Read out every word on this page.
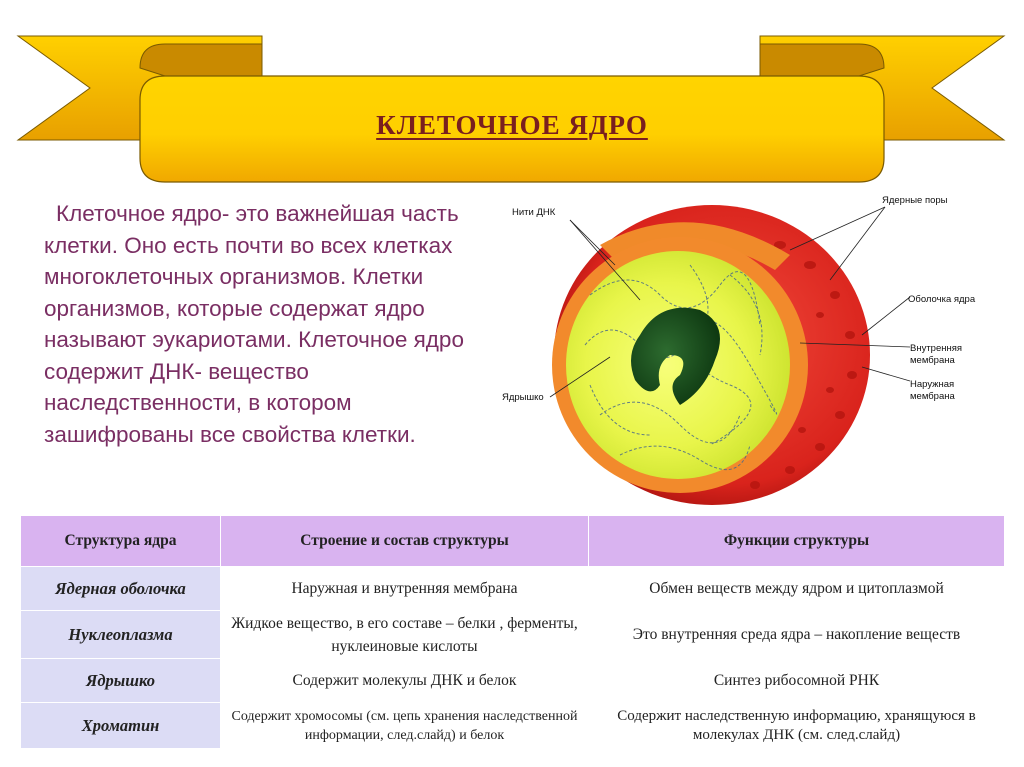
КЛЕТОЧНОЕ ЯДРО
Клеточное ядро- это важнейшая часть клетки. Оно есть почти во всех клетках многоклеточных организмов. Клетки организмов, которые содержат ядро называют эукариотами. Клеточное ядро содержит ДНК- вещество наследственности, в котором зашифрованы все свойства клетки.
Нити ДНК
Ядерные поры
Оболочка ядра
Внутренняя
мембрана
Наружная
мембрана
Ядрышко
Структура ядра	Строение и состав структуры	Функции структуры
Ядерная оболочка	Наружная и внутренняя мембрана	Обмен веществ между ядром и цитоплазмой
Нуклеоплазма	Жидкое вещество, в его составе – белки , ферменты, нуклеиновые кислоты	Это внутренняя среда ядра – накопление веществ
Ядрышко	Содержит молекулы ДНК и белок	Синтез рибосомной РНК
Хроматин	Содержит хромосомы (см. цепь хранения наследственной информации, след.слайд) и белок	Содержит наследственную информацию, хранящуюся в молекулах ДНК (см. след.слайд)
